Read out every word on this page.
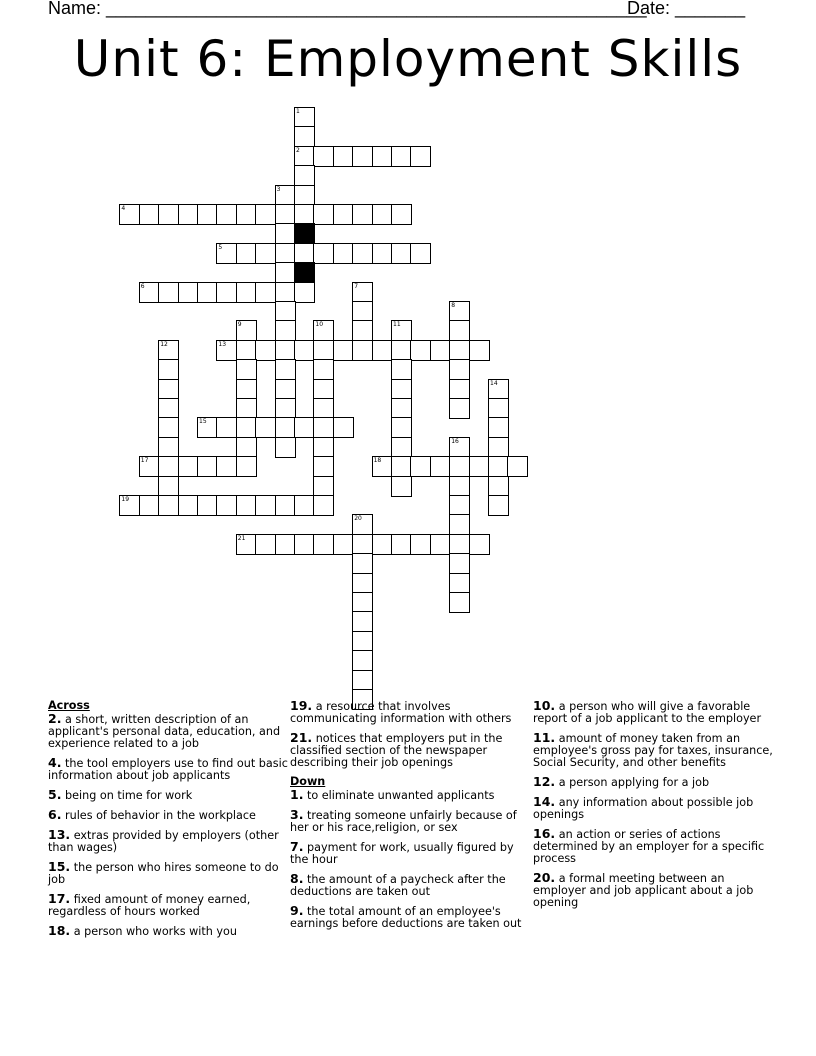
Name: ______________________________________________________
Date: _______
Unit 6: Employment Skills
1
2
3
4
5
6	7
8
9	10	11
12	13
14
15
16
17	18
19
20
21
Across
2. a short, written description of an applicant's personal data, education, and experience related to a job
4. the tool employers use to find out basic information about job applicants
5. being on time for work
6. rules of behavior in the workplace
13. extras provided by employers (other than wages)
15. the person who hires someone to do job
17. fixed amount of money earned, regardless of hours worked
18. a person who works with you
19. a resource that involves communicating information with others
21. notices that employers put in the classified section of the newspaper describing their job openings
Down
1. to eliminate unwanted applicants
3. treating someone unfairly because of her or his race,religion, or sex
7. payment for work, usually figured by the hour
8. the amount of a paycheck after the deductions are taken out
9. the total amount of an employee's earnings before deductions are taken out
10. a person who will give a favorable report of a job applicant to the employer
11. amount of money taken from an employee's gross pay for taxes, insurance, Social Security, and other benefits
12. a person applying for a job
14. any information about possible job openings
16. an action or series of actions determined by an employer for a specific process
20. a formal meeting between an employer and job applicant about a job opening
